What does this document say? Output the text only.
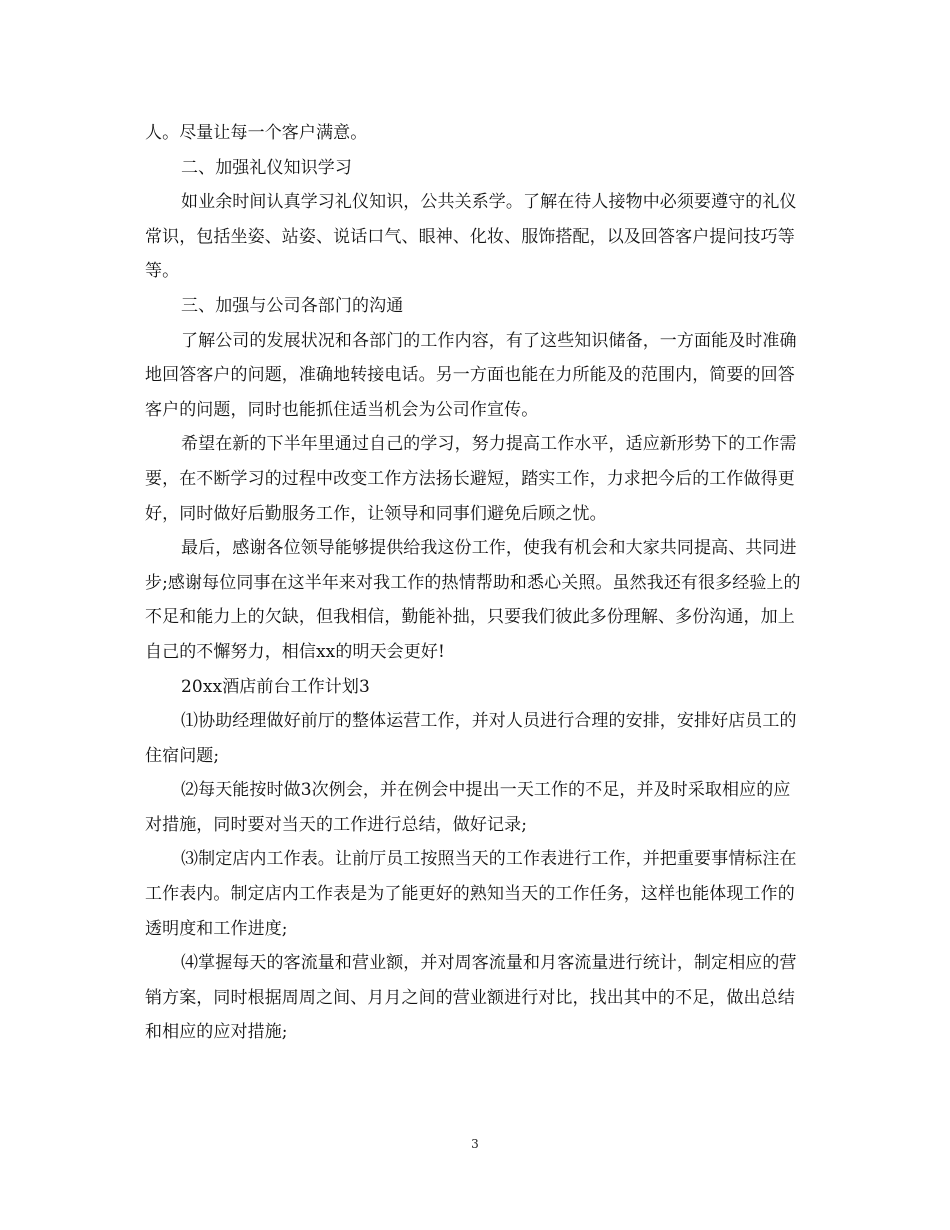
人。尽量让每一个客户满意。

二、加强礼仪知识学习

如业余时间认真学习礼仪知识，公共关系学。了解在待人接物中必须要遵守的礼仪常识，包括坐姿、站姿、说话口气、眼神、化妆、服饰搭配，以及回答客户提问技巧等等。

三、加强与公司各部门的沟通

了解公司的发展状况和各部门的工作内容，有了这些知识储备，一方面能及时准确地回答客户的问题，准确地转接电话。另一方面也能在力所能及的范围内，简要的回答客户的问题，同时也能抓住适当机会为公司作宣传。

希望在新的下半年里通过自己的学习，努力提高工作水平，适应新形势下的工作需要，在不断学习的过程中改变工作方法扬长避短，踏实工作，力求把今后的工作做得更好，同时做好后勤服务工作，让领导和同事们避免后顾之忧。

最后，感谢各位领导能够提供给我这份工作，使我有机会和大家共同提高、共同进步;感谢每位同事在这半年来对我工作的热情帮助和悉心关照。虽然我还有很多经验上的不足和能力上的欠缺，但我相信，勤能补拙，只要我们彼此多份理解、多份沟通，加上自己的不懈努力，相信xx的明天会更好!

20xx酒店前台工作计划3

⑴协助经理做好前厅的整体运营工作，并对人员进行合理的安排，安排好店员工的住宿问题;

⑵每天能按时做3次例会，并在例会中提出一天工作的不足，并及时采取相应的应对措施，同时要对当天的工作进行总结，做好记录;

⑶制定店内工作表。让前厅员工按照当天的工作表进行工作，并把重要事情标注在工作表内。制定店内工作表是为了能更好的熟知当天的工作任务，这样也能体现工作的透明度和工作进度;

⑷掌握每天的客流量和营业额，并对周客流量和月客流量进行统计，制定相应的营销方案，同时根据周周之间、月月之间的营业额进行对比，找出其中的不足，做出总结和相应的应对措施;

3
